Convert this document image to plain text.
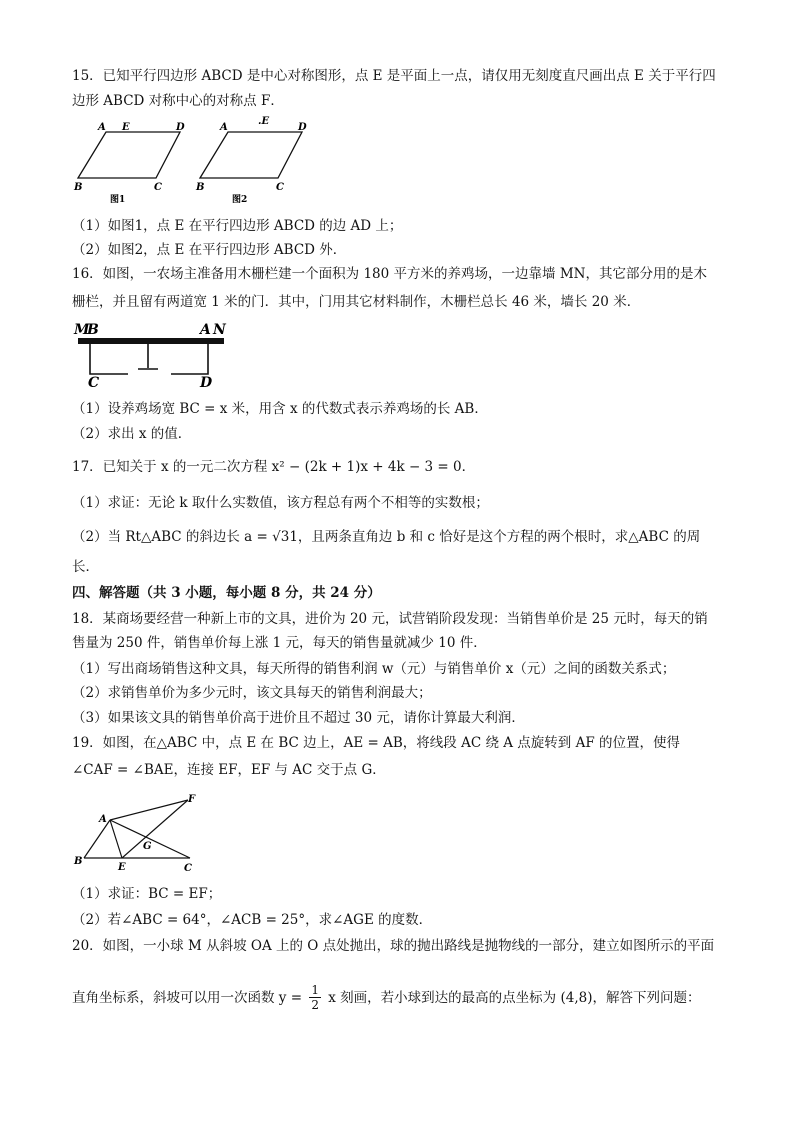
15．已知平行四边形 ABCD 是中心对称图形，点 E 是平面上一点，请仅用无刻度直尺画出点 E 关于平行四
边形 ABCD 对称中心的对称点 F．
A E	D
B	C
图1
A
.E
D
B	C
图2
（1）如图1，点 E 在平行四边形 ABCD 的边 AD 上；
（2）如图2，点 E 在平行四边形 ABCD 外．
16．如图，一农场主准备用木栅栏建一个面积为 180 平方米的养鸡场，一边靠墙 MN，其它部分用的是木
栅栏，并且留有两道宽 1 米的门．其中，门用其它材料制作，木栅栏总长 46 米，墙长 20 米．
M
B	A N
C	D
（1）设养鸡场宽 BC = x 米，用含 x 的代数式表示养鸡场的长 AB．
（2）求出 x 的值．
17．已知关于 x 的一元二次方程 x² − (2k + 1)x + 4k − 3 = 0．
（1）求证：无论 k 取什么实数值，该方程总有两个不相等的实数根；
（2）当 Rt△ABC 的斜边长 a = √31，且两条直角边 b 和 c 恰好是这个方程的两个根时，求△ABC 的周
长．
四、解答题（共 3 小题，每小题 8 分，共 24 分）
18．某商场要经营一种新上市的文具，进价为 20 元，试营销阶段发现：当销售单价是 25 元时，每天的销
售量为 250 件，销售单价每上涨 1 元，每天的销售量就减少 10 件．
（1）写出商场销售这种文具，每天所得的销售利润 w（元）与销售单价 x（元）之间的函数关系式；
（2）求销售单价为多少元时，该文具每天的销售利润最大；
（3）如果该文具的销售单价高于进价且不超过 30 元，请你计算最大利润．
19．如图，在△ABC 中，点 E 在 BC 边上，AE = AB，将线段 AC 绕 A 点旋转到 AF 的位置，使得
∠CAF = ∠BAE，连接 EF，EF 与 AC 交于点 G．
A
F
B
E
G
C
（1）求证：BC = EF；
（2）若∠ABC = 64°，∠ACB = 25°，求∠AGE 的度数．
20．如图，一小球 M 从斜坡 OA 上的 O 点处抛出，球的抛出路线是抛物线的一部分，建立如图所示的平面
直角坐标系，斜坡可以用一次函数 $y = \frac{1}{2}$ x 刻画，若小球到达的最高的点坐标为 (4,8)，解答下列问题：
